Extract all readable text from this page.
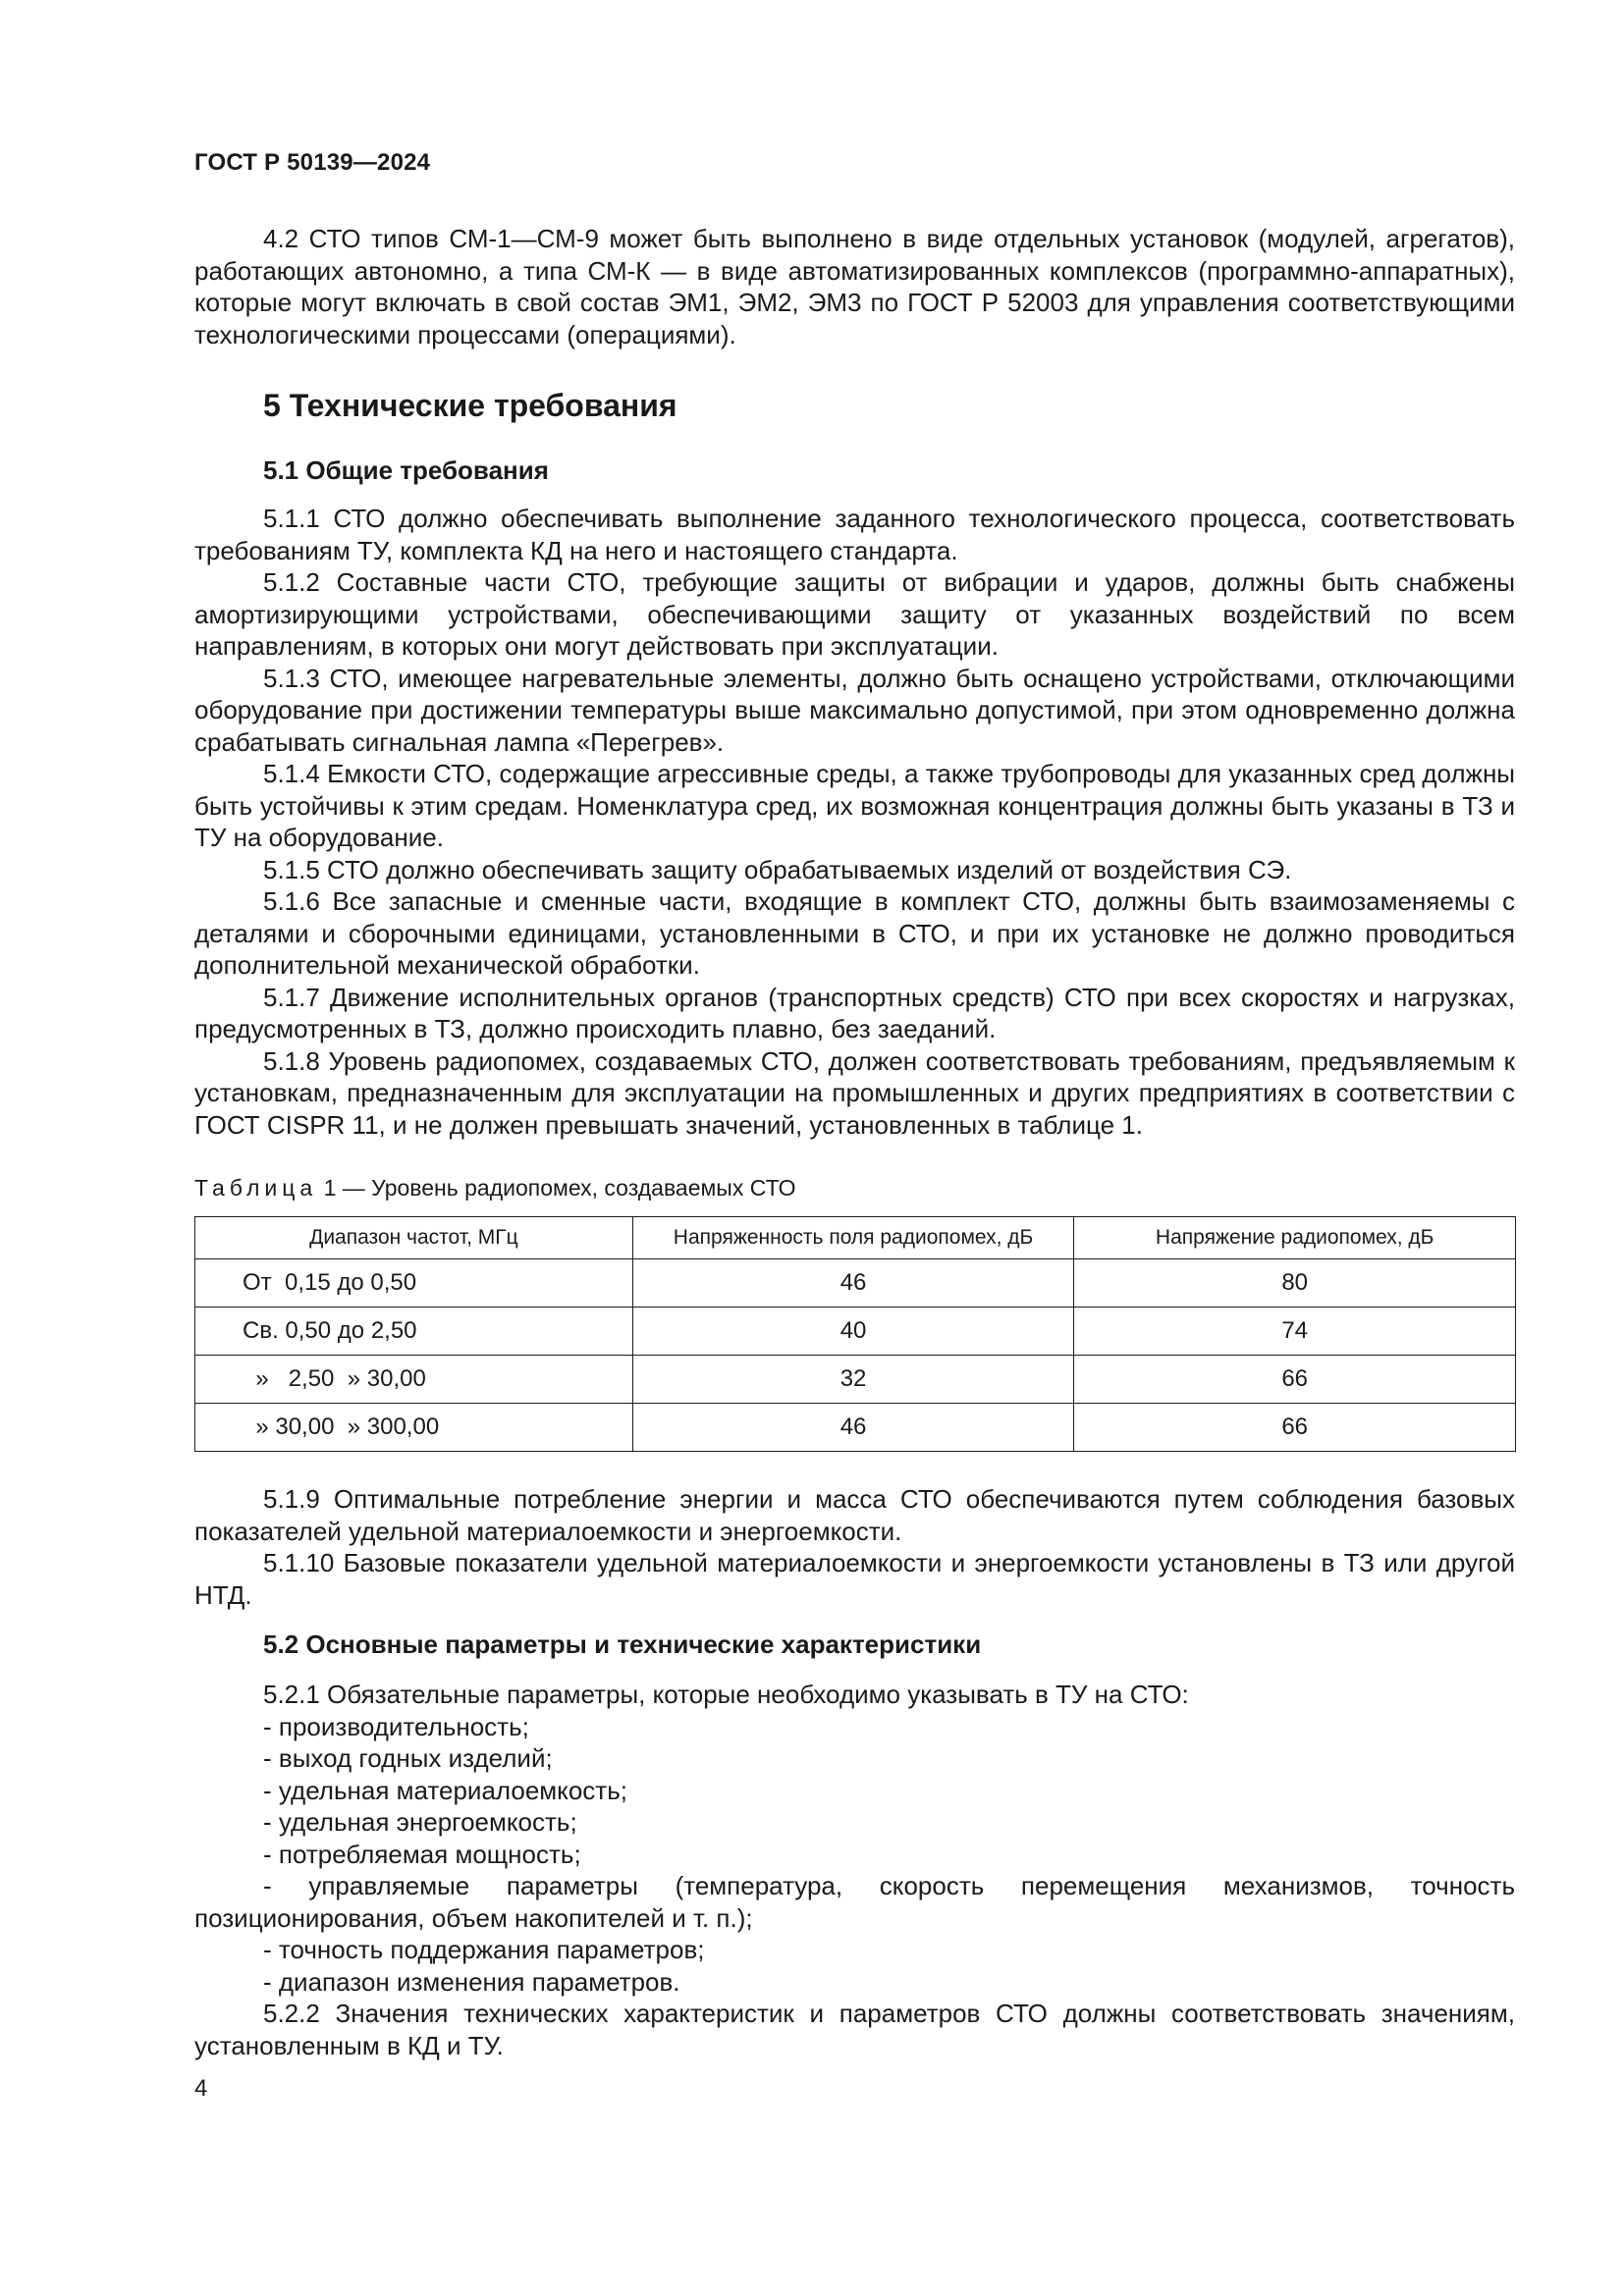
ГОСТ Р 50139—2024

4.2 СТО типов СМ-1—СМ-9 может быть выполнено в виде отдельных установок (модулей, агрегатов), работающих автономно, а типа СМ-К — в виде автоматизированных комплексов (программно-аппаратных), которые могут включать в свой состав ЭМ1, ЭМ2, ЭМ3 по ГОСТ Р 52003 для управления соответствующими технологическими процессами (операциями).

5 Технические требования
5.1 Общие требования

5.1.1 СТО должно обеспечивать выполнение заданного технологического процесса, соответствовать требованиям ТУ, комплекта КД на него и настоящего стандарта.

5.1.2 Составные части СТО, требующие защиты от вибрации и ударов, должны быть снабжены амортизирующими устройствами, обеспечивающими защиту от указанных воздействий по всем направлениям, в которых они могут действовать при эксплуатации.

5.1.3 СТО, имеющее нагревательные элементы, должно быть оснащено устройствами, отключающими оборудование при достижении температуры выше максимально допустимой, при этом одновременно должна срабатывать сигнальная лампа «Перегрев».

5.1.4 Емкости СТО, содержащие агрессивные среды, а также трубопроводы для указанных сред должны быть устойчивы к этим средам. Номенклатура сред, их возможная концентрация должны быть указаны в ТЗ и ТУ на оборудование.

5.1.5 СТО должно обеспечивать защиту обрабатываемых изделий от воздействия СЭ.

5.1.6 Все запасные и сменные части, входящие в комплект СТО, должны быть взаимозаменяемы с деталями и сборочными единицами, установленными в СТО, и при их установке не должно проводиться дополнительной механической обработки.

5.1.7 Движение исполнительных органов (транспортных средств) СТО при всех скоростях и нагрузках, предусмотренных в ТЗ, должно происходить плавно, без заеданий.

5.1.8 Уровень радиопомех, создаваемых СТО, должен соответствовать требованиям, предъявляемым к установкам, предназначенным для эксплуатации на промышленных и других предприятиях в соответствии с ГОСТ CISPR 11, и не должен превышать значений, установленных в таблице 1.

Таблица 1 — Уровень радиопомех, создаваемых СТО
Диапазон частот, МГц	Напряженность поля радиопомех, дБ	Напряжение радиопомех, дБ
От  0,15 до 0,50	46	80
Св. 0,50 до 2,50	40	74
»   2,50  » 30,00	32	66
» 30,00  » 300,00	46	66

5.1.9 Оптимальные потребление энергии и масса СТО обеспечиваются путем соблюдения базовых показателей удельной материалоемкости и энергоемкости.

5.1.10 Базовые показатели удельной материалоемкости и энергоемкости установлены в ТЗ или другой НТД.

5.2 Основные параметры и технические характеристики

5.2.1 Обязательные параметры, которые необходимо указывать в ТУ на СТО:

- производительность;

- выход годных изделий;

- удельная материалоемкость;

- удельная энергоемкость;

- потребляемая мощность;

- управляемые параметры (температура, скорость перемещения механизмов, точность позиционирования, объем накопителей и т. п.);

- точность поддержания параметров;

- диапазон изменения параметров.

5.2.2 Значения технических характеристик и параметров СТО должны соответствовать значениям, установленным в КД и ТУ.

4
